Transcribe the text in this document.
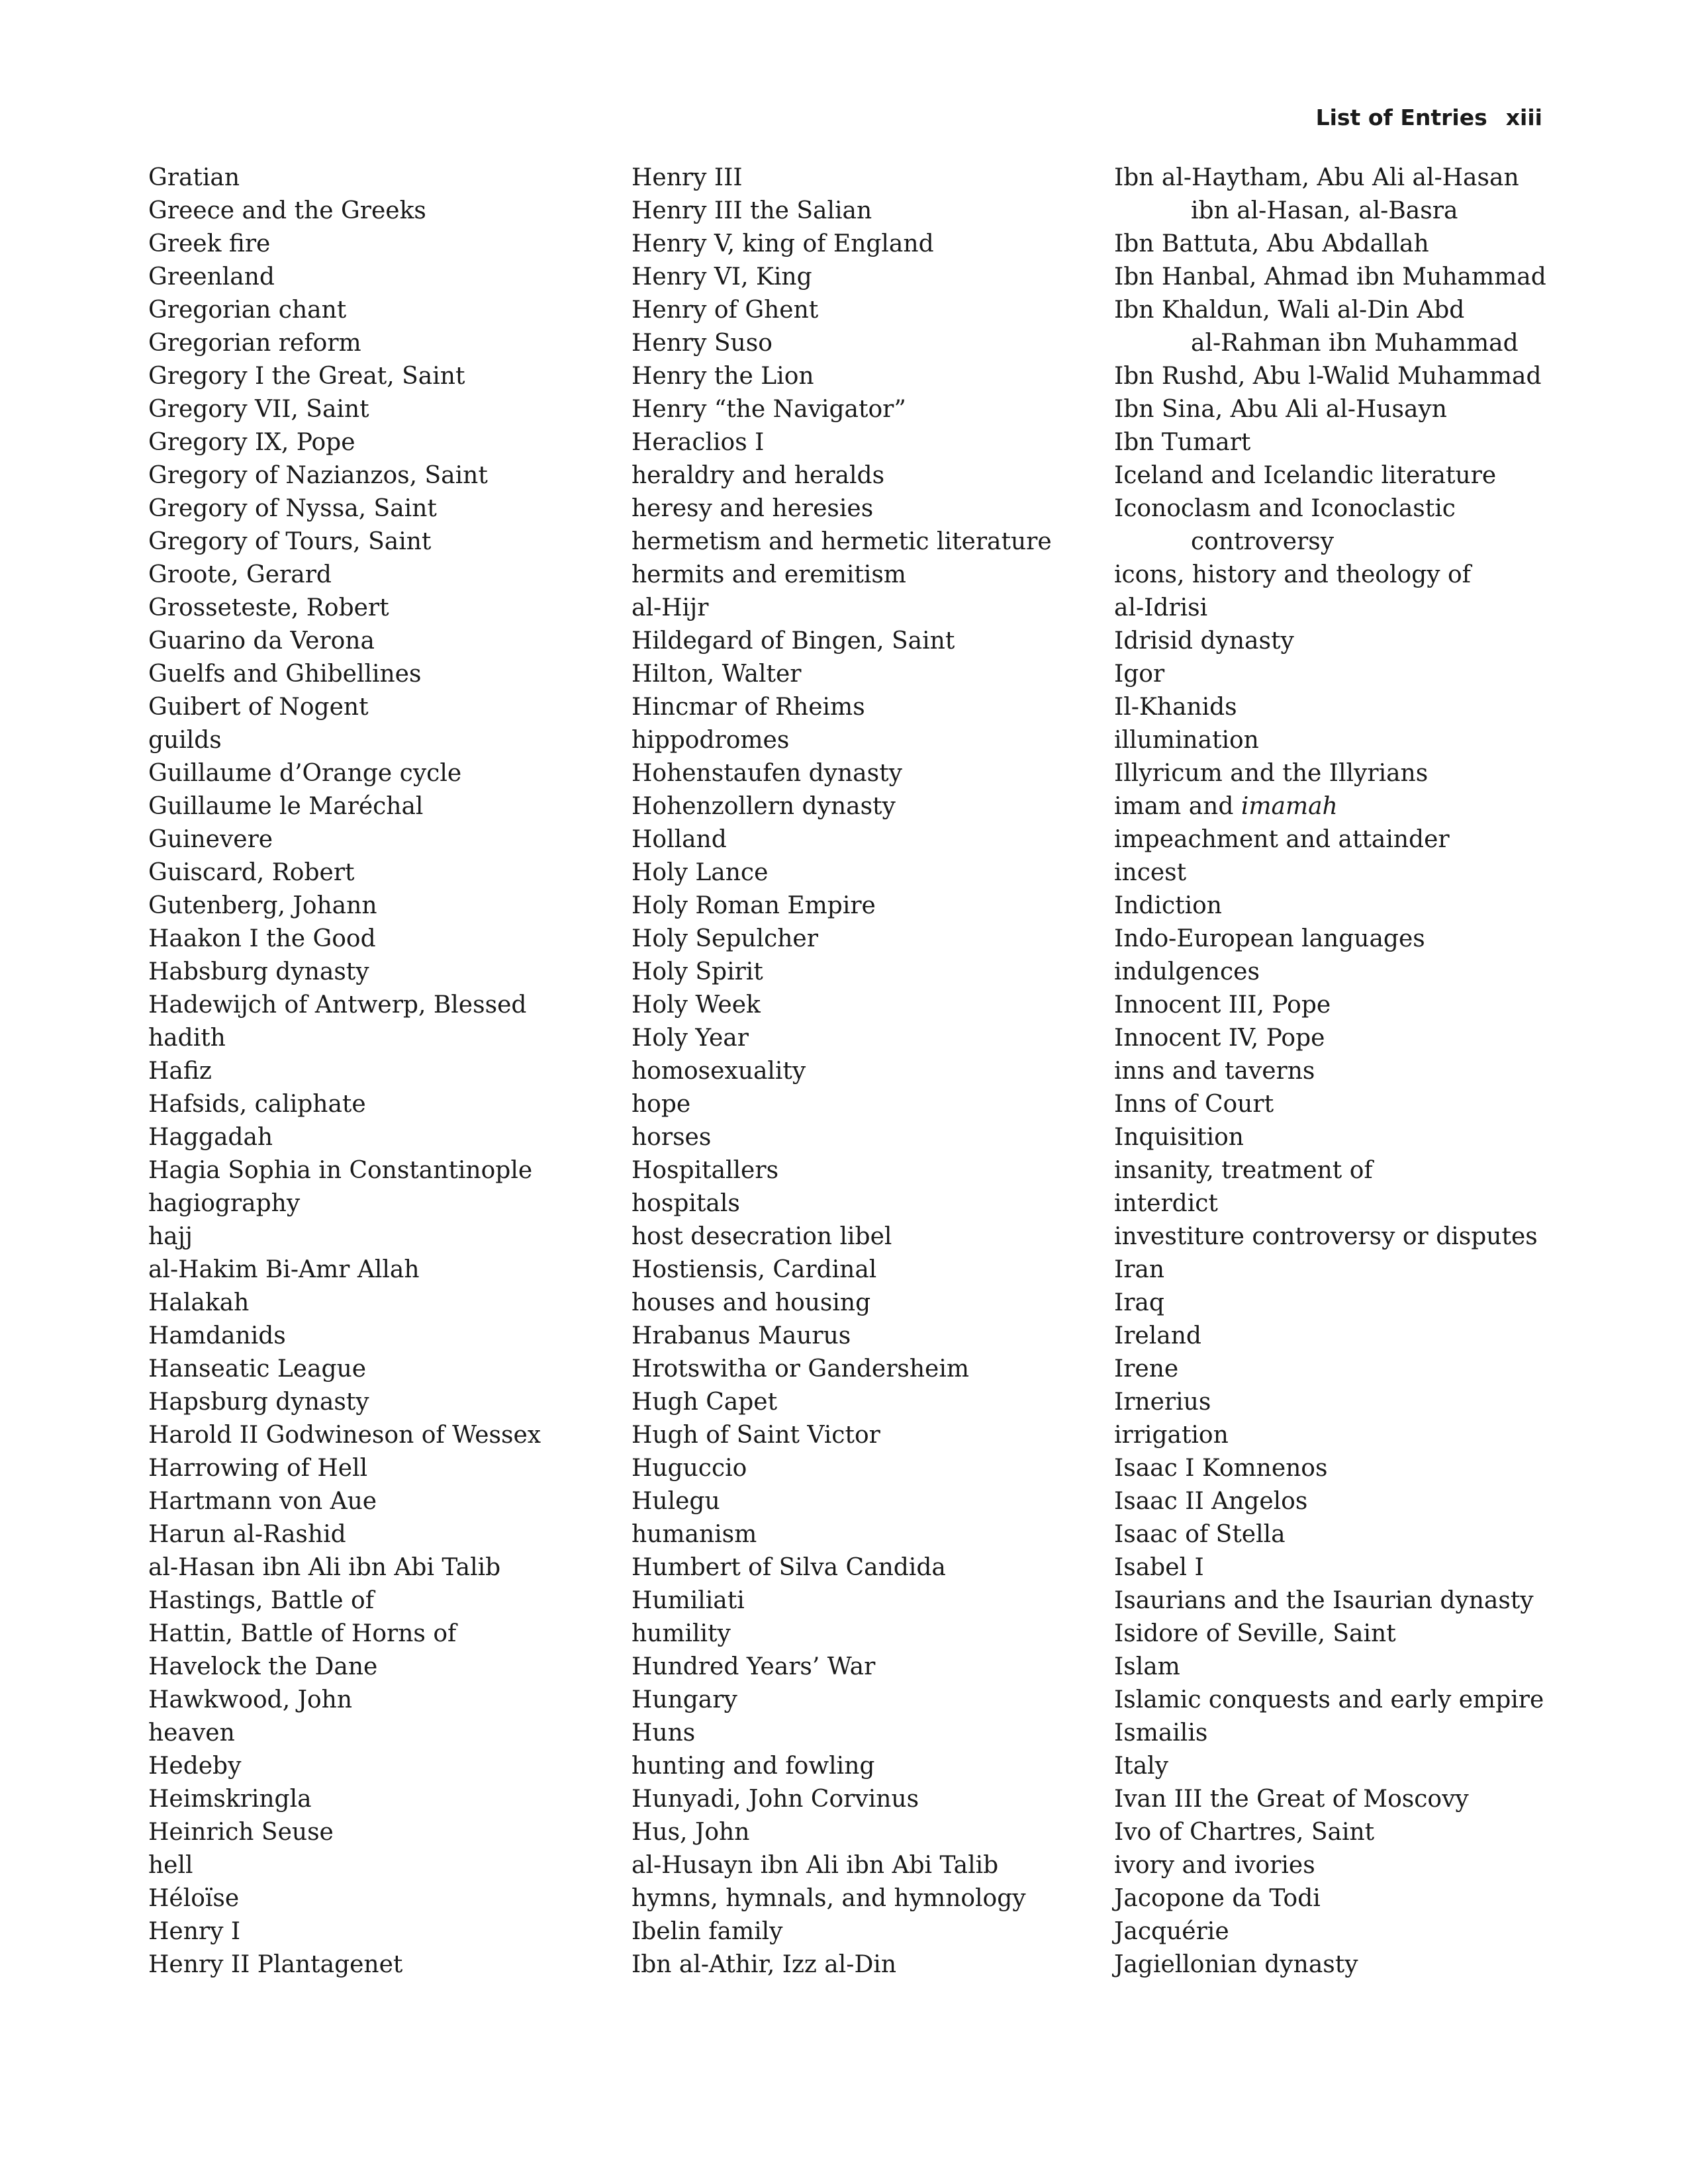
List of Entries xiii
Gratian
Greece and the Greeks
Greek fire
Greenland
Gregorian chant
Gregorian reform
Gregory I the Great, Saint
Gregory VII, Saint
Gregory IX, Pope
Gregory of Nazianzos, Saint
Gregory of Nyssa, Saint
Gregory of Tours, Saint
Groote, Gerard
Grosseteste, Robert
Guarino da Verona
Guelfs and Ghibellines
Guibert of Nogent
guilds
Guillaume d’Orange cycle
Guillaume le Maréchal
Guinevere
Guiscard, Robert
Gutenberg, Johann
Haakon I the Good
Habsburg dynasty
Hadewijch of Antwerp, Blessed
hadith
Hafiz
Hafsids, caliphate
Haggadah
Hagia Sophia in Constantinople
hagiography
hajj
al-Hakim Bi-Amr Allah
Halakah
Hamdanids
Hanseatic League
Hapsburg dynasty
Harold II Godwineson of Wessex
Harrowing of Hell
Hartmann von Aue
Harun al-Rashid
al-Hasan ibn Ali ibn Abi Talib
Hastings, Battle of
Hattin, Battle of Horns of
Havelock the Dane
Hawkwood, John
heaven
Hedeby
Heimskringla
Heinrich Seuse
hell
Héloïse
Henry I
Henry II Plantagenet
Henry III
Henry III the Salian
Henry V, king of England
Henry VI, King
Henry of Ghent
Henry Suso
Henry the Lion
Henry “the Navigator”
Heraclios I
heraldry and heralds
heresy and heresies
hermetism and hermetic literature
hermits and eremitism
al-Hijr
Hildegard of Bingen, Saint
Hilton, Walter
Hincmar of Rheims
hippodromes
Hohenstaufen dynasty
Hohenzollern dynasty
Holland
Holy Lance
Holy Roman Empire
Holy Sepulcher
Holy Spirit
Holy Week
Holy Year
homosexuality
hope
horses
Hospitallers
hospitals
host desecration libel
Hostiensis, Cardinal
houses and housing
Hrabanus Maurus
Hrotswitha or Gandersheim
Hugh Capet
Hugh of Saint Victor
Huguccio
Hulegu
humanism
Humbert of Silva Candida
Humiliati
humility
Hundred Years’ War
Hungary
Huns
hunting and fowling
Hunyadi, John Corvinus
Hus, John
al-Husayn ibn Ali ibn Abi Talib
hymns, hymnals, and hymnology
Ibelin family
Ibn al-Athir, Izz al-Din
Ibn al-Haytham, Abu Ali al-Hasan
ibn al-Hasan, al-Basra
Ibn Battuta, Abu Abdallah
Ibn Hanbal, Ahmad ibn Muhammad
Ibn Khaldun, Wali al-Din Abd
al-Rahman ibn Muhammad
Ibn Rushd, Abu l-Walid Muhammad
Ibn Sina, Abu Ali al-Husayn
Ibn Tumart
Iceland and Icelandic literature
Iconoclasm and Iconoclastic
controversy
icons, history and theology of
al-Idrisi
Idrisid dynasty
Igor
Il-Khanids
illumination
Illyricum and the Illyrians
imam and imamah
impeachment and attainder
incest
Indiction
Indo-European languages
indulgences
Innocent III, Pope
Innocent IV, Pope
inns and taverns
Inns of Court
Inquisition
insanity, treatment of
interdict
investiture controversy or disputes
Iran
Iraq
Ireland
Irene
Irnerius
irrigation
Isaac I Komnenos
Isaac II Angelos
Isaac of Stella
Isabel I
Isaurians and the Isaurian dynasty
Isidore of Seville, Saint
Islam
Islamic conquests and early empire
Ismailis
Italy
Ivan III the Great of Moscovy
Ivo of Chartres, Saint
ivory and ivories
Jacopone da Todi
Jacquérie
Jagiellonian dynasty
